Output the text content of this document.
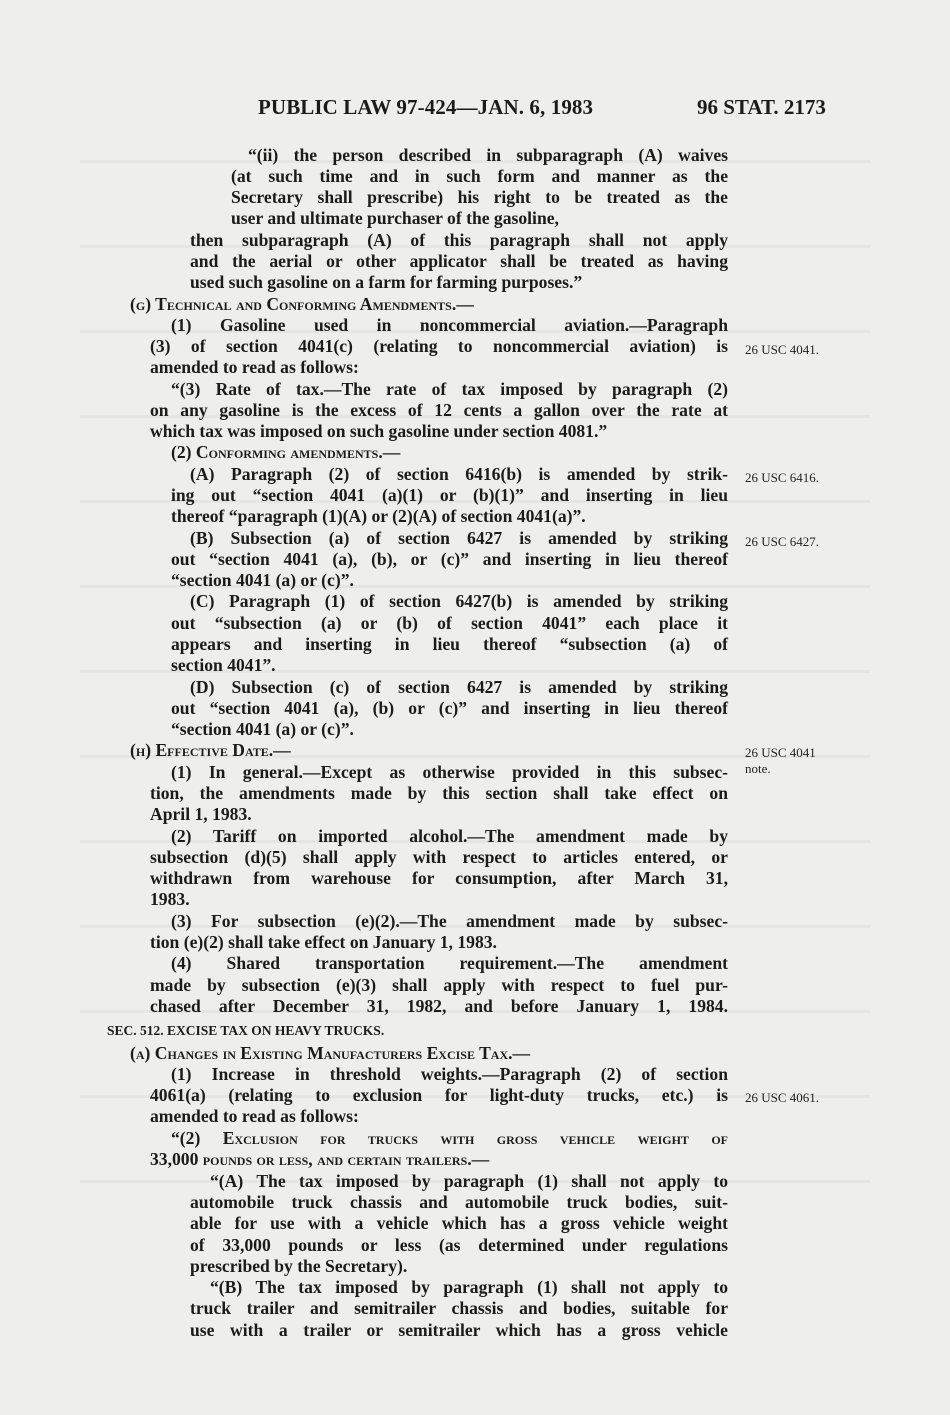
PUBLIC LAW 97-424—JAN. 6, 1983	96 STAT. 2173
“(ii) the person described in subparagraph (A) waives
(at such time and in such form and manner as the
Secretary shall prescribe) his right to be treated as the
user and ultimate purchaser of the gasoline,
then subparagraph (A) of this paragraph shall not apply
and the aerial or other applicator shall be treated as having
used such gasoline on a farm for farming purposes.”
(g) Technical and Conforming Amendments.—
(1) Gasoline used in noncommercial aviation.—Paragraph
(3) of section 4041(c) (relating to noncommercial aviation) is
amended to read as follows:
“(3) Rate of tax.—The rate of tax imposed by paragraph (2)
on any gasoline is the excess of 12 cents a gallon over the rate at
which tax was imposed on such gasoline under section 4081.”
(2) Conforming amendments.—
(A) Paragraph (2) of section 6416(b) is amended by strik-
ing out “section 4041 (a)(1) or (b)(1)” and inserting in lieu
thereof “paragraph (1)(A) or (2)(A) of section 4041(a)”.
(B) Subsection (a) of section 6427 is amended by striking
out “section 4041 (a), (b), or (c)” and inserting in lieu thereof
“section 4041 (a) or (c)”.
(C) Paragraph (1) of section 6427(b) is amended by striking
out “subsection (a) or (b) of section 4041” each place it
appears and inserting in lieu thereof “subsection (a) of
section 4041”.
(D) Subsection (c) of section 6427 is amended by striking
out “section 4041 (a), (b) or (c)” and inserting in lieu thereof
“section 4041 (a) or (c)”.
(h) Effective Date.—
(1) In general.—Except as otherwise provided in this subsec-
tion, the amendments made by this section shall take effect on
April 1, 1983.
(2) Tariff on imported alcohol.—The amendment made by
subsection (d)(5) shall apply with respect to articles entered, or
withdrawn from warehouse for consumption, after March 31,
1983.
(3) For subsection (e)(2).—The amendment made by subsec-
tion (e)(2) shall take effect on January 1, 1983.
(4) Shared transportation requirement.—The amendment
made by subsection (e)(3) shall apply with respect to fuel pur-
chased after December 31, 1982, and before January 1, 1984.
SEC. 512. EXCISE TAX ON HEAVY TRUCKS.
(a) Changes in Existing Manufacturers Excise Tax.—
(1) Increase in threshold weights.—Paragraph (2) of section
4061(a) (relating to exclusion for light-duty trucks, etc.) is
amended to read as follows:
“(2) Exclusion for trucks with gross vehicle weight of
33,000 pounds or less, and certain trailers.—
“(A) The tax imposed by paragraph (1) shall not apply to
automobile truck chassis and automobile truck bodies, suit-
able for use with a vehicle which has a gross vehicle weight
of 33,000 pounds or less (as determined under regulations
prescribed by the Secretary).
“(B) The tax imposed by paragraph (1) shall not apply to
truck trailer and semitrailer chassis and bodies, suitable for
use with a trailer or semitrailer which has a gross vehicle
26 USC 4041.
26 USC 6416.
26 USC 6427.
26 USC 4041
note.
26 USC 4061.
